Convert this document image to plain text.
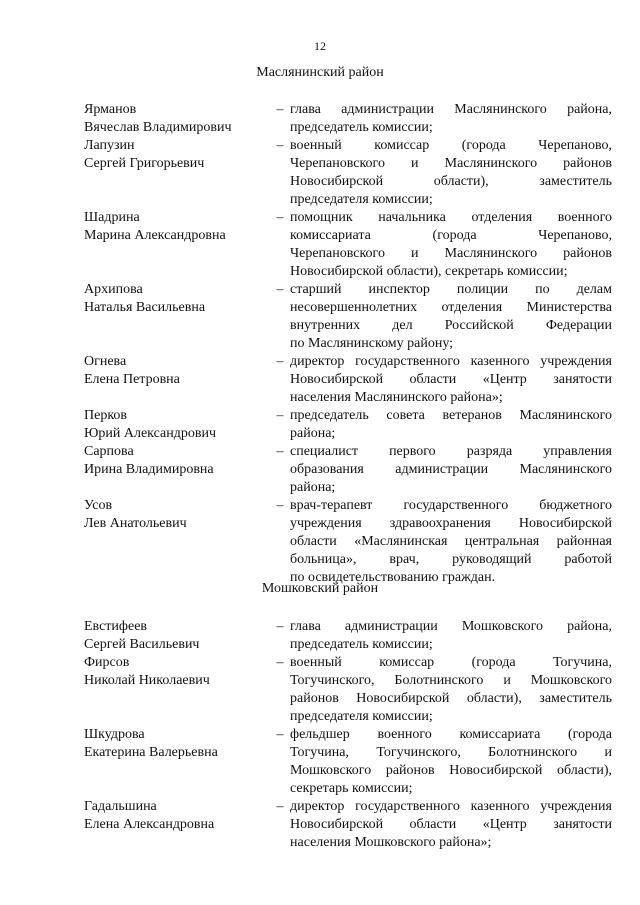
12
Маслянинский район
Ярманов
Вячеслав Владимирович
– глава администрации Маслянинского района,
председатель комиссии;
Лапузин
Сергей Григорьевич
– военный комиссар (города Черепаново,
Черепановского и Маслянинского районов
Новосибирской области), заместитель
председателя комиссии;
Шадрина
Марина Александровна
– помощник начальника отделения военного
комиссариата (города Черепаново,
Черепановского и Маслянинского районов
Новосибирской области), секретарь комиссии;
Архипова
Наталья Васильевна
– старший инспектор полиции по делам
несовершеннолетних отделения Министерства
внутренних дел Российской Федерации
по Маслянинскому району;
Огнева
Елена Петровна
– директор государственного казенного учреждения
Новосибирской области «Центр занятости
населения Маслянинского района»;
Перков
Юрий Александрович
– председатель совета ветеранов Маслянинского
района;
Сарпова
Ирина Владимировна
– специалист первого разряда управления
образования администрации Маслянинского
района;
Усов
Лев Анатольевич
– врач-терапевт государственного бюджетного
учреждения здравоохранения Новосибирской
области «Маслянинская центральная районная
больница», врач, руководящий работой
по освидетельствованию граждан.
Мошковский район
Евстифеев
Сергей Васильевич
– глава администрации Мошковского района,
председатель комиссии;
Фирсов
Николай Николаевич
– военный комиссар (города Тогучина,
Тогучинского, Болотнинского и Мошковского
районов Новосибирской области), заместитель
председателя комиссии;
Шкудрова
Екатерина Валерьевна
– фельдшер военного комиссариата (города
Тогучина, Тогучинского, Болотнинского и
Мошковского районов Новосибирской области),
секретарь комиссии;
Гадальшина
Елена Александровна
– директор государственного казенного учреждения
Новосибирской области «Центр занятости
населения Мошковского района»;
